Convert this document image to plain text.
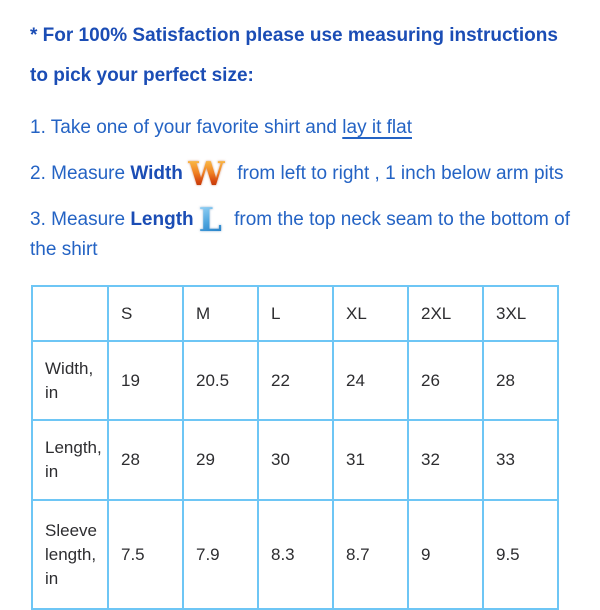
* For 100% Satisfaction please use measuring instructions
to pick your perfect size:
1. Take one of your favorite shirt and lay it flat
2. Measure Width W from left to right , 1 inch below arm pits
3. Measure Length L from the top neck seam to the bottom of
the shirt
	S	M	L	XL	2XL	3XL
Width, in	19	20.5	22	24	26	28
Length, in	28	29	30	31	32	33
Sleeve length, in	7.5	7.9	8.3	8.7	9	9.5
